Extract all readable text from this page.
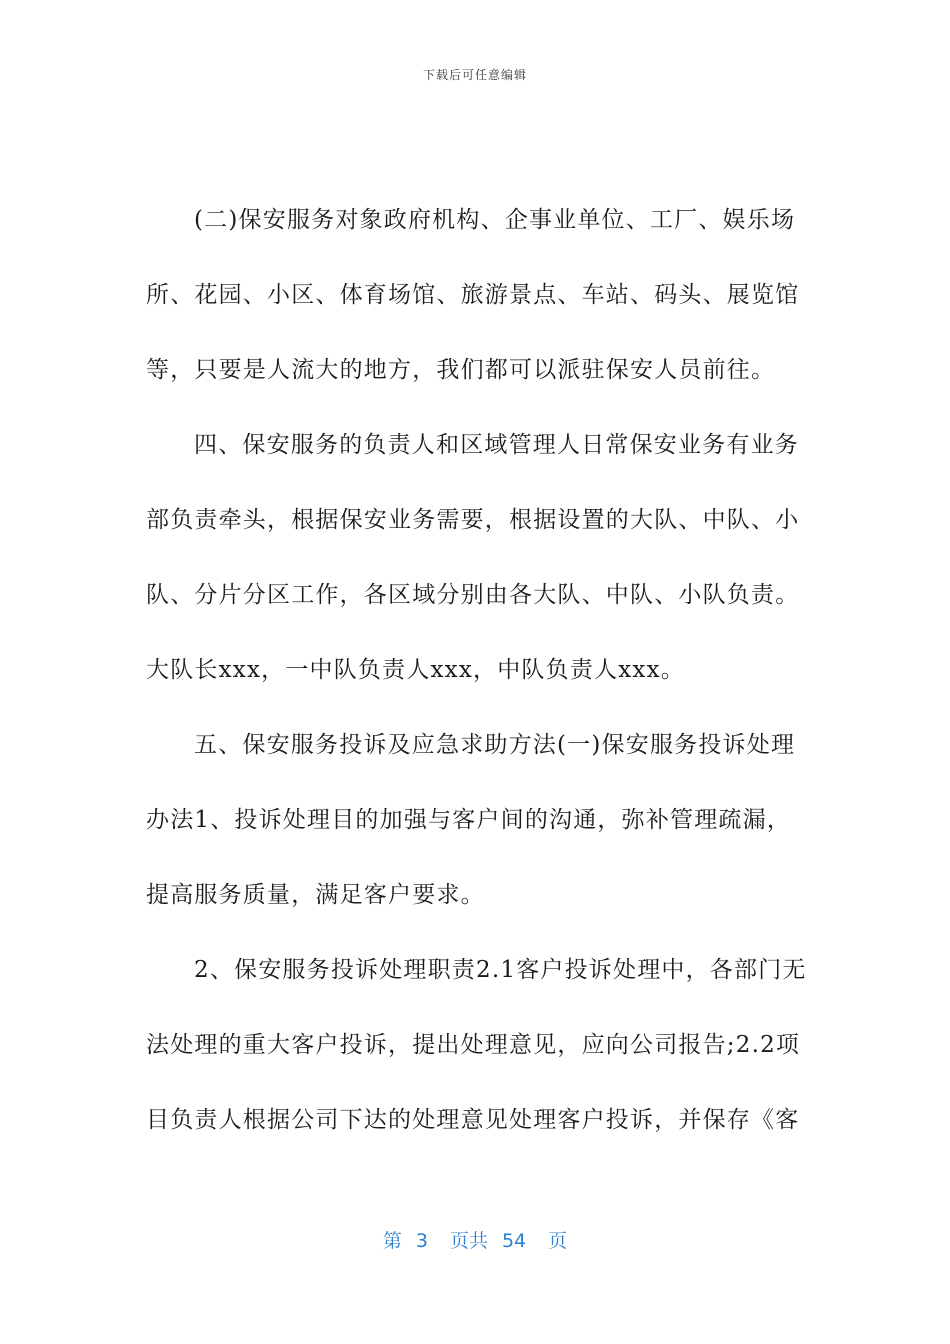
下载后可任意编辑
(二)保安服务对象政府机构、企事业单位、工厂、娱乐场
所、花园、小区、体育场馆、旅游景点、车站、码头、展览馆
等，只要是人流大的地方，我们都可以派驻保安人员前往。
四、保安服务的负责人和区域管理人日常保安业务有业务
部负责牵头，根据保安业务需要，根据设置的大队、中队、小
队、分片分区工作，各区域分别由各大队、中队、小队负责。
大队长xxx，一中队负责人xxx，中队负责人xxx。
五、保安服务投诉及应急求助方法(一)保安服务投诉处理
办法1、投诉处理目的加强与客户间的沟通，弥补管理疏漏，
提高服务质量，满足客户要求。
2、保安服务投诉处理职责2.1客户投诉处理中，各部门无
法处理的重大客户投诉，提出处理意见，应向公司报告;2.2项
目负责人根据公司下达的处理意见处理客户投诉，并保存《客
第 3 页共 54 页
